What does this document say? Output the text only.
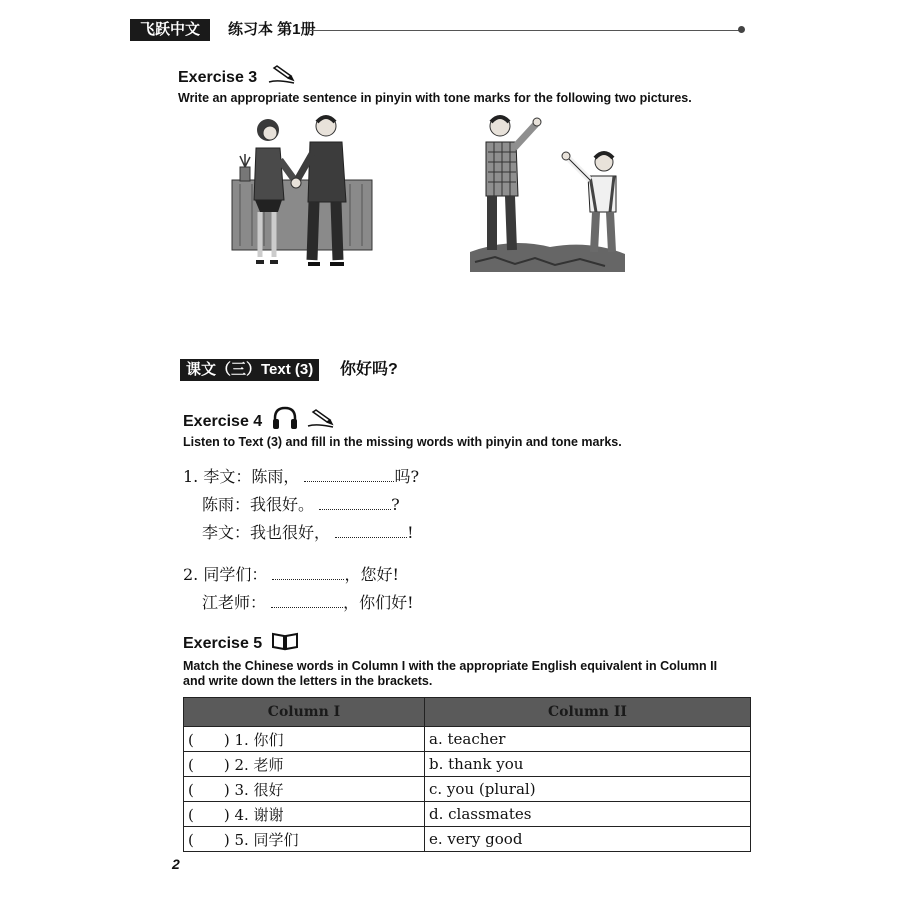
飞跃中文	练习本 第1册
Exercise 3
Write an appropriate sentence in pinyin with tone marks for the following two pictures.
课文（三）Text (3)	你好吗?
Exercise 4
Listen to Text (3) and fill in the missing words with pinyin and tone marks.
1. 李文：陈雨，	吗?
陈雨：我很好。	?
李文：我也很好，	!
2. 同学们：	，您好!
江老师：	，你们好!
Exercise 5
Match the Chinese words in Column I with the appropriate English equivalent in Column II
and write down the letters in the brackets.
Column I	Column II
(　　) 1. 你们	a. teacher
(　　) 2. 老师	b. thank you
(　　) 3. 很好	c. you (plural)
(　　) 4. 谢谢	d. classmates
(　　) 5. 同学们	e. very good
2
